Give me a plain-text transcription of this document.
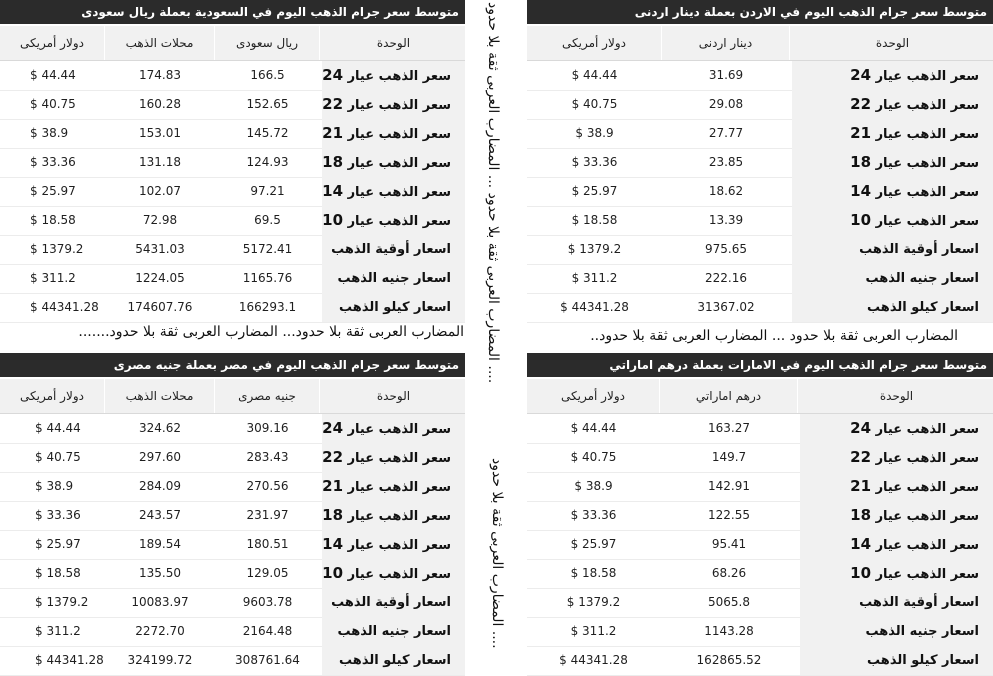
متوسط سعر جرام الذهب اليوم في السعودية بعملة ريال سعودى
دولار أمريكى	محلات الذهب	ريال سعودى	الوحدة
$ 44.44	174.83	166.5	سعر الذهب عيار 24
$ 40.75	160.28	152.65	سعر الذهب عيار 22
$ 38.9	153.01	145.72	سعر الذهب عيار 21
$ 33.36	131.18	124.93	سعر الذهب عيار 18
$ 25.97	102.07	97.21	سعر الذهب عيار 14
$ 18.58	72.98	69.5	سعر الذهب عيار 10
$ 1379.2	5431.03	5172.41	اسعار أوقية الذهب
$ 311.2	1224.05	1165.76	اسعار جنيه الذهب
$ 44341.28	174607.76	166293.1	اسعار كيلو الذهب
متوسط سعر جرام الذهب اليوم في الاردن بعملة دينار اردنى
دولار أمريكى	دينار اردنى	الوحدة
$ 44.44	31.69	سعر الذهب عيار 24
$ 40.75	29.08	سعر الذهب عيار 22
$ 38.9	27.77	سعر الذهب عيار 21
$ 33.36	23.85	سعر الذهب عيار 18
$ 25.97	18.62	سعر الذهب عيار 14
$ 18.58	13.39	سعر الذهب عيار 10
$ 1379.2	975.65	اسعار أوقية الذهب
$ 311.2	222.16	اسعار جنيه الذهب
$ 44341.28	31367.02	اسعار كيلو الذهب
متوسط سعر جرام الذهب اليوم في مصر بعملة جنيه مصرى
دولار أمريكى	محلات الذهب	جنيه مصرى	الوحدة
$ 44.44	324.62	309.16	سعر الذهب عيار 24
$ 40.75	297.60	283.43	سعر الذهب عيار 22
$ 38.9	284.09	270.56	سعر الذهب عيار 21
$ 33.36	243.57	231.97	سعر الذهب عيار 18
$ 25.97	189.54	180.51	سعر الذهب عيار 14
$ 18.58	135.50	129.05	سعر الذهب عيار 10
$ 1379.2	10083.97	9603.78	اسعار أوقية الذهب
$ 311.2	2272.70	2164.48	اسعار جنيه الذهب
$ 44341.28	324199.72	308761.64	اسعار كيلو الذهب
متوسط سعر جرام الذهب اليوم في الامارات بعملة درهم اماراتي
دولار أمريكى	درهم اماراتي	الوحدة
$ 44.44	163.27	سعر الذهب عيار 24
$ 40.75	149.7	سعر الذهب عيار 22
$ 38.9	142.91	سعر الذهب عيار 21
$ 33.36	122.55	سعر الذهب عيار 18
$ 25.97	95.41	سعر الذهب عيار 14
$ 18.58	68.26	سعر الذهب عيار 10
$ 1379.2	5065.8	اسعار أوقية الذهب
$ 311.2	1143.28	اسعار جنيه الذهب
$ 44341.28	162865.52	اسعار كيلو الذهب
المضارب العربى ثقة بلا حدود... المضارب العربى ثقة بلا حدود.......	المضارب العربى ثقة بلا حدود ... المضارب العربى ثقة بلا حدود..
المضارب العربى ثقة بلا حدود ... المضارب العربى ثقة بلا حدود ....
المضارب العربى ثقة بلا حدود ....
